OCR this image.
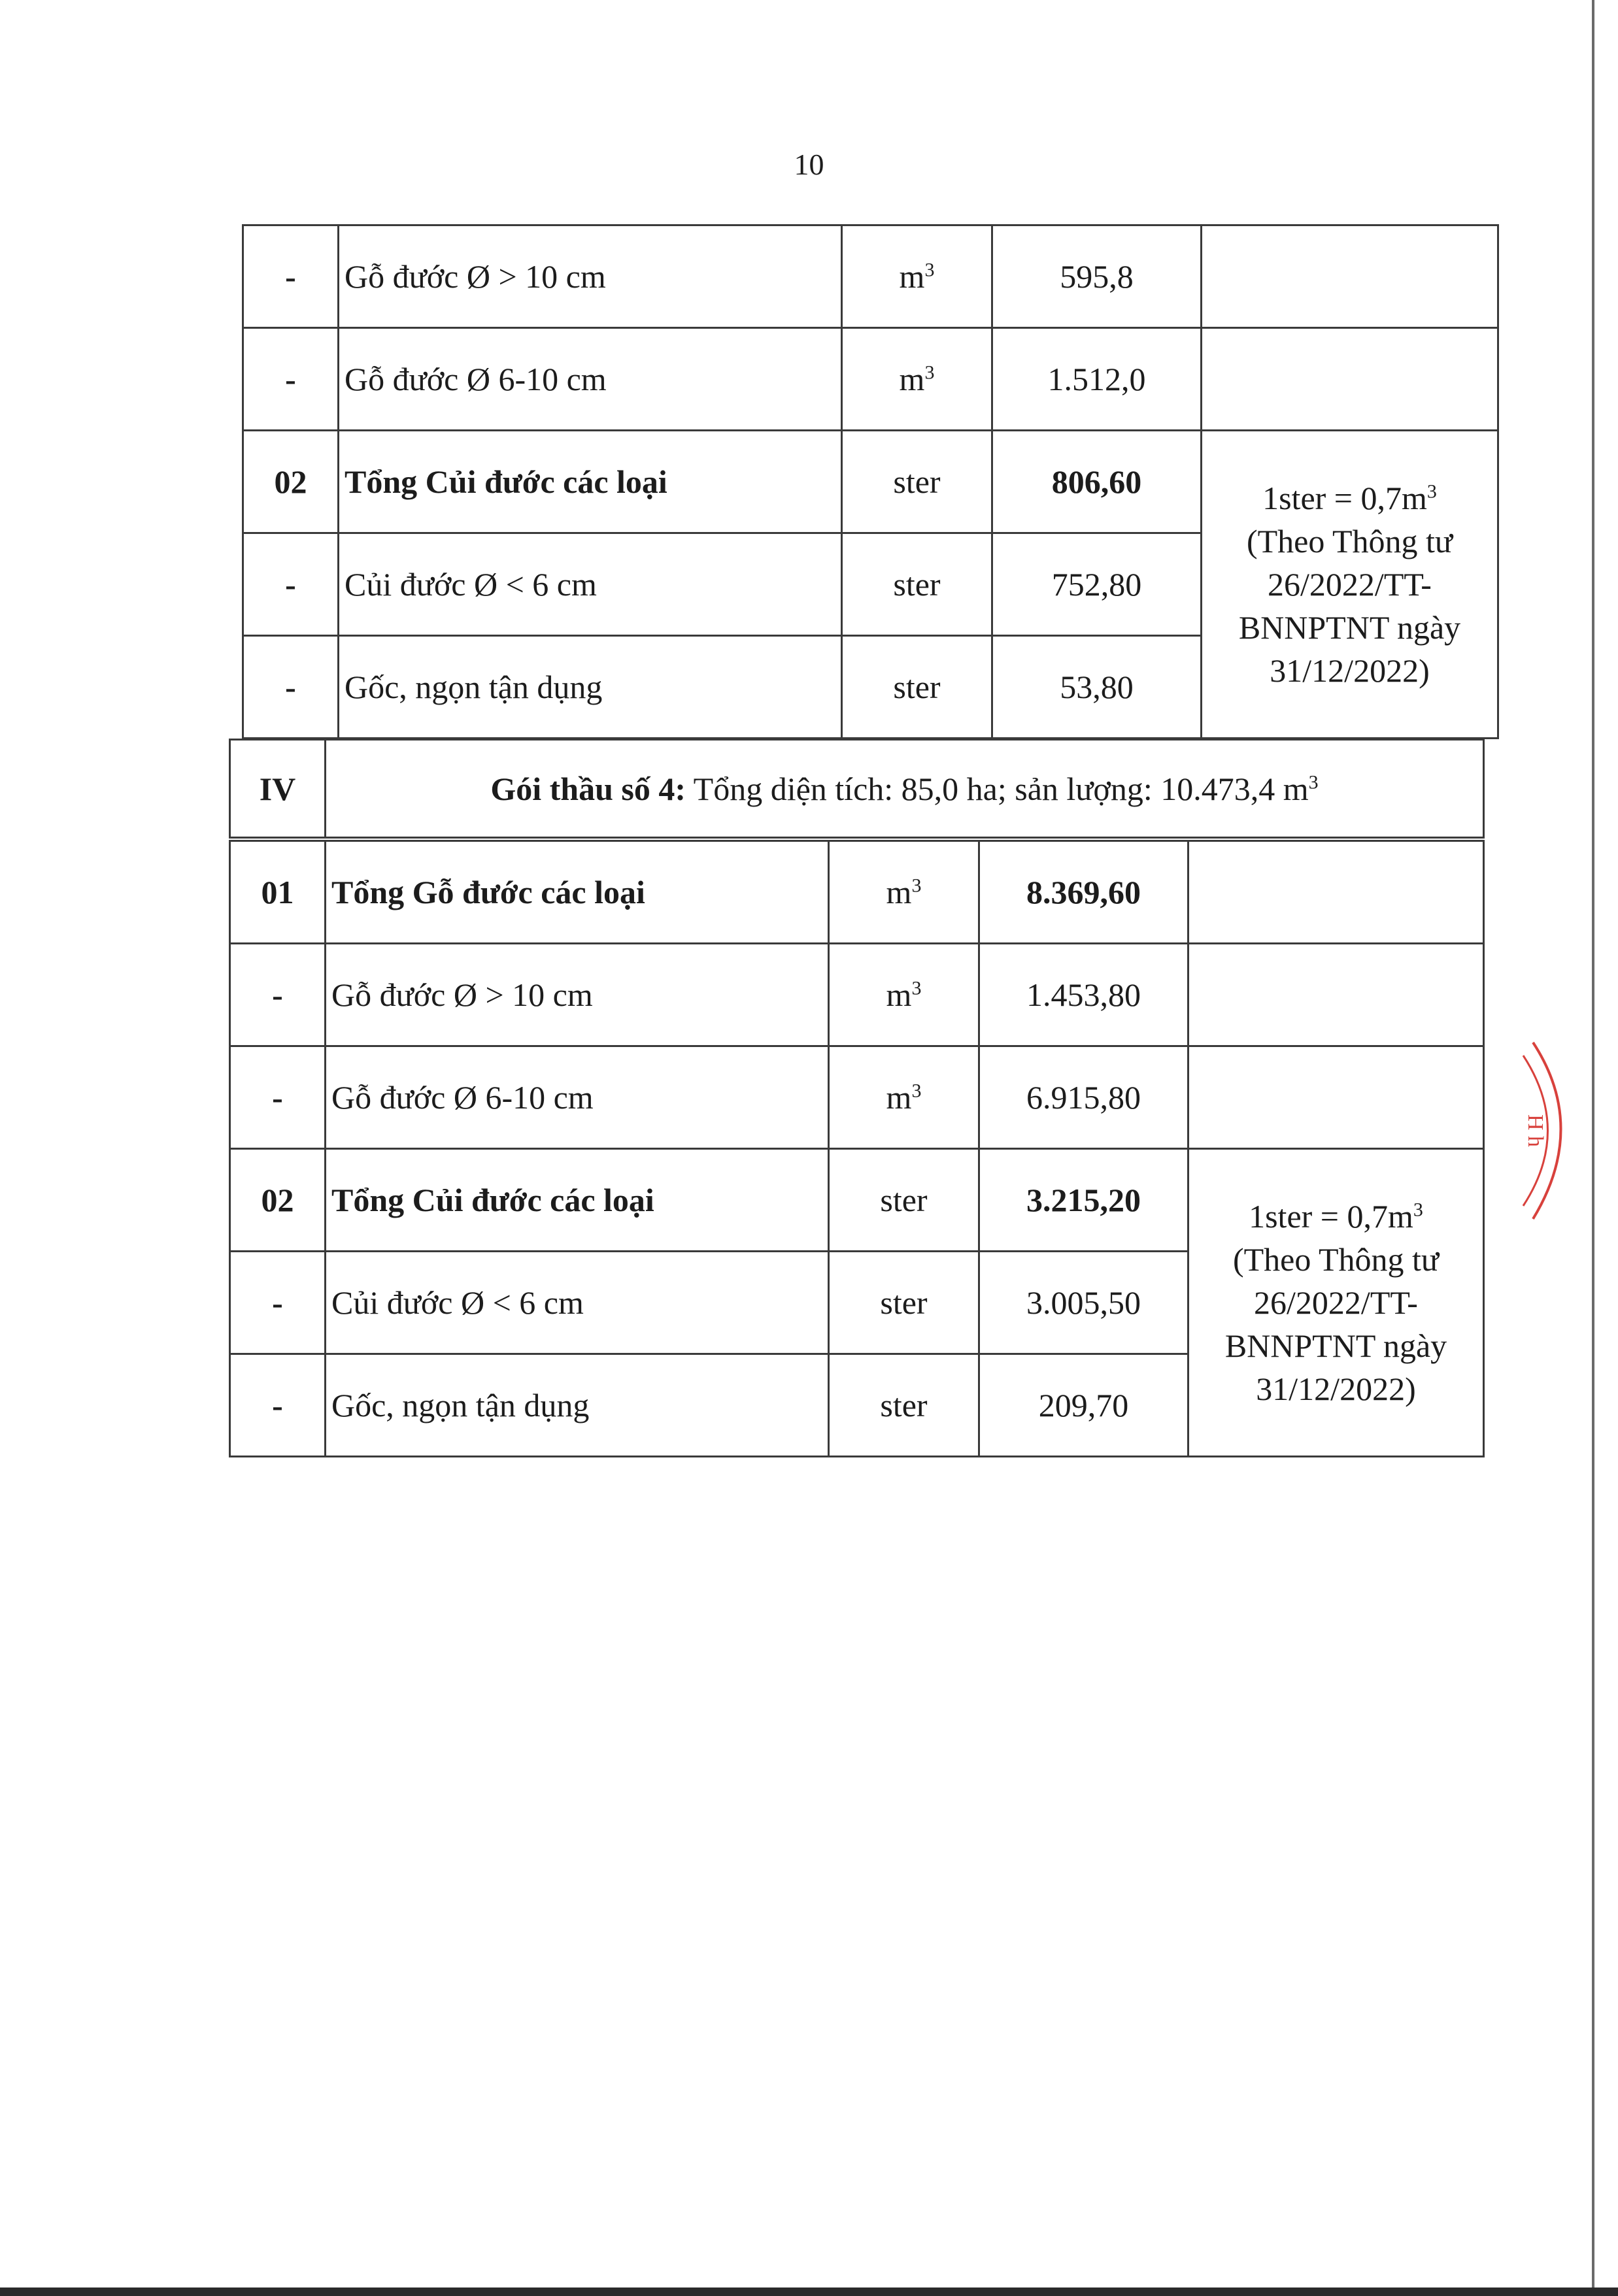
10
-	Gỗ đước Ø > 10 cm	$m^3$	595,8	
-	Gỗ đước Ø 6-10 cm	$m^3$	1.512,0	
02	Tổng Củi đước các loại	ster	806,60	1ster = $0,7m^3$
(Theo Thông tư
26/2022/TT-
BNNPTNT ngày
31/12/2022)
-	Củi đước Ø < 6 cm	ster	752,80	
-	Gốc, ngọn tận dụng	ster	53,80	
IV	Gói thầu số 4: Tổng diện tích: 85,0 ha; sản lượng: 10.473,4 $m^3$
01	Tổng Gỗ đước các loại	$m^3$	8.369,60	
-	Gỗ đước Ø > 10 cm	$m^3$	1.453,80	
-	Gỗ đước Ø 6-10 cm	$m^3$	6.915,80	
02	Tổng Củi đước các loại	ster	3.215,20	1ster = $0,7m^3$
(Theo Thông tư
26/2022/TT-
BNNPTNT ngày
31/12/2022)
-	Củi đước Ø < 6 cm	ster	3.005,50	
-	Gốc, ngọn tận dụng	ster	209,70	
H h
